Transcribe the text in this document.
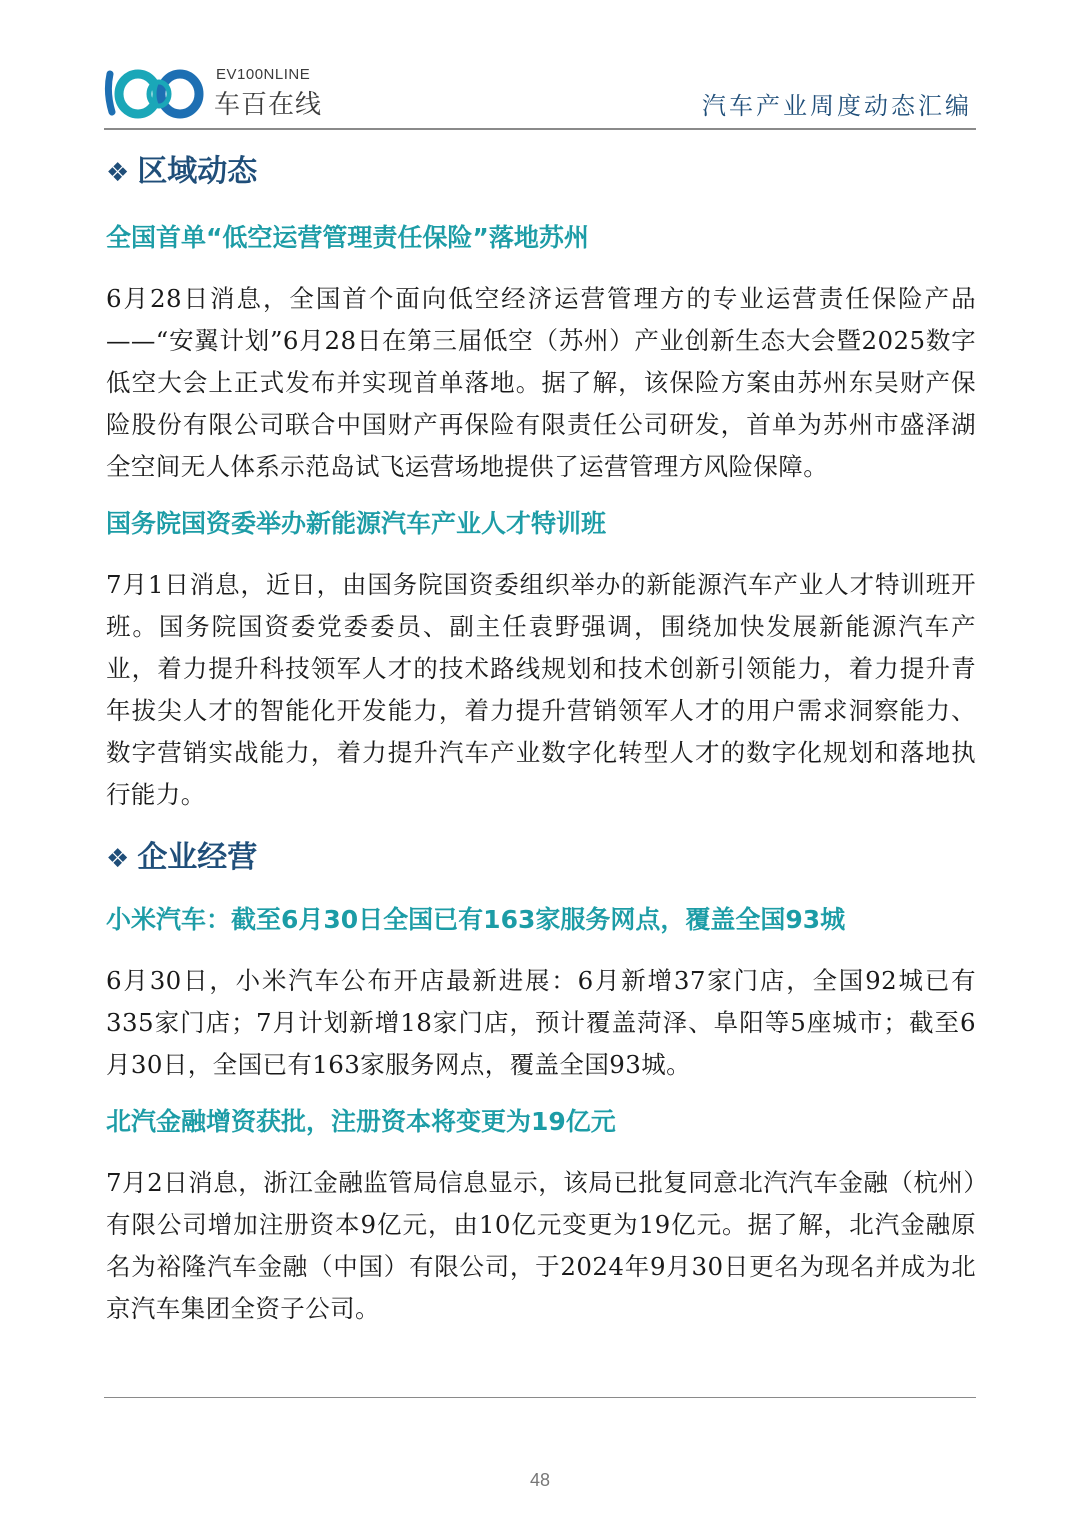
EV100NLINE
车百在线	汽车产业周度动态汇编
❖ 区域动态
全国首单“低空运营管理责任保险”落地苏州

6月28日消息，全国首个面向低空经济运营管理方的专业运营责任保险产品——“安翼计划”6月28日在第三届低空（苏州）产业创新生态大会暨2025数字低空大会上正式发布并实现首单落地。据了解，该保险方案由苏州东吴财产保险股份有限公司联合中国财产再保险有限责任公司研发，首单为苏州市盛泽湖全空间无人体系示范岛试飞运营场地提供了运营管理方风险保障。

国务院国资委举办新能源汽车产业人才特训班

7月1日消息，近日，由国务院国资委组织举办的新能源汽车产业人才特训班开班。国务院国资委党委委员、副主任袁野强调，围绕加快发展新能源汽车产业，着力提升科技领军人才的技术路线规划和技术创新引领能力，着力提升青年拔尖人才的智能化开发能力，着力提升营销领军人才的用户需求洞察能力、数字营销实战能力，着力提升汽车产业数字化转型人才的数字化规划和落地执行能力。

❖ 企业经营
小米汽车：截至6月30日全国已有163家服务网点，覆盖全国93城

6月30日，小米汽车公布开店最新进展：6月新增37家门店，全国92城已有335家门店；7月计划新增18家门店，预计覆盖菏泽、阜阳等5座城市；截至6月30日，全国已有163家服务网点，覆盖全国93城。

北汽金融增资获批，注册资本将变更为19亿元

7月2日消息，浙江金融监管局信息显示，该局已批复同意北汽汽车金融（杭州）有限公司增加注册资本9亿元，由10亿元变更为19亿元。据了解，北汽金融原名为裕隆汽车金融（中国）有限公司，于2024年9月30日更名为现名并成为北京汽车集团全资子公司。

48
